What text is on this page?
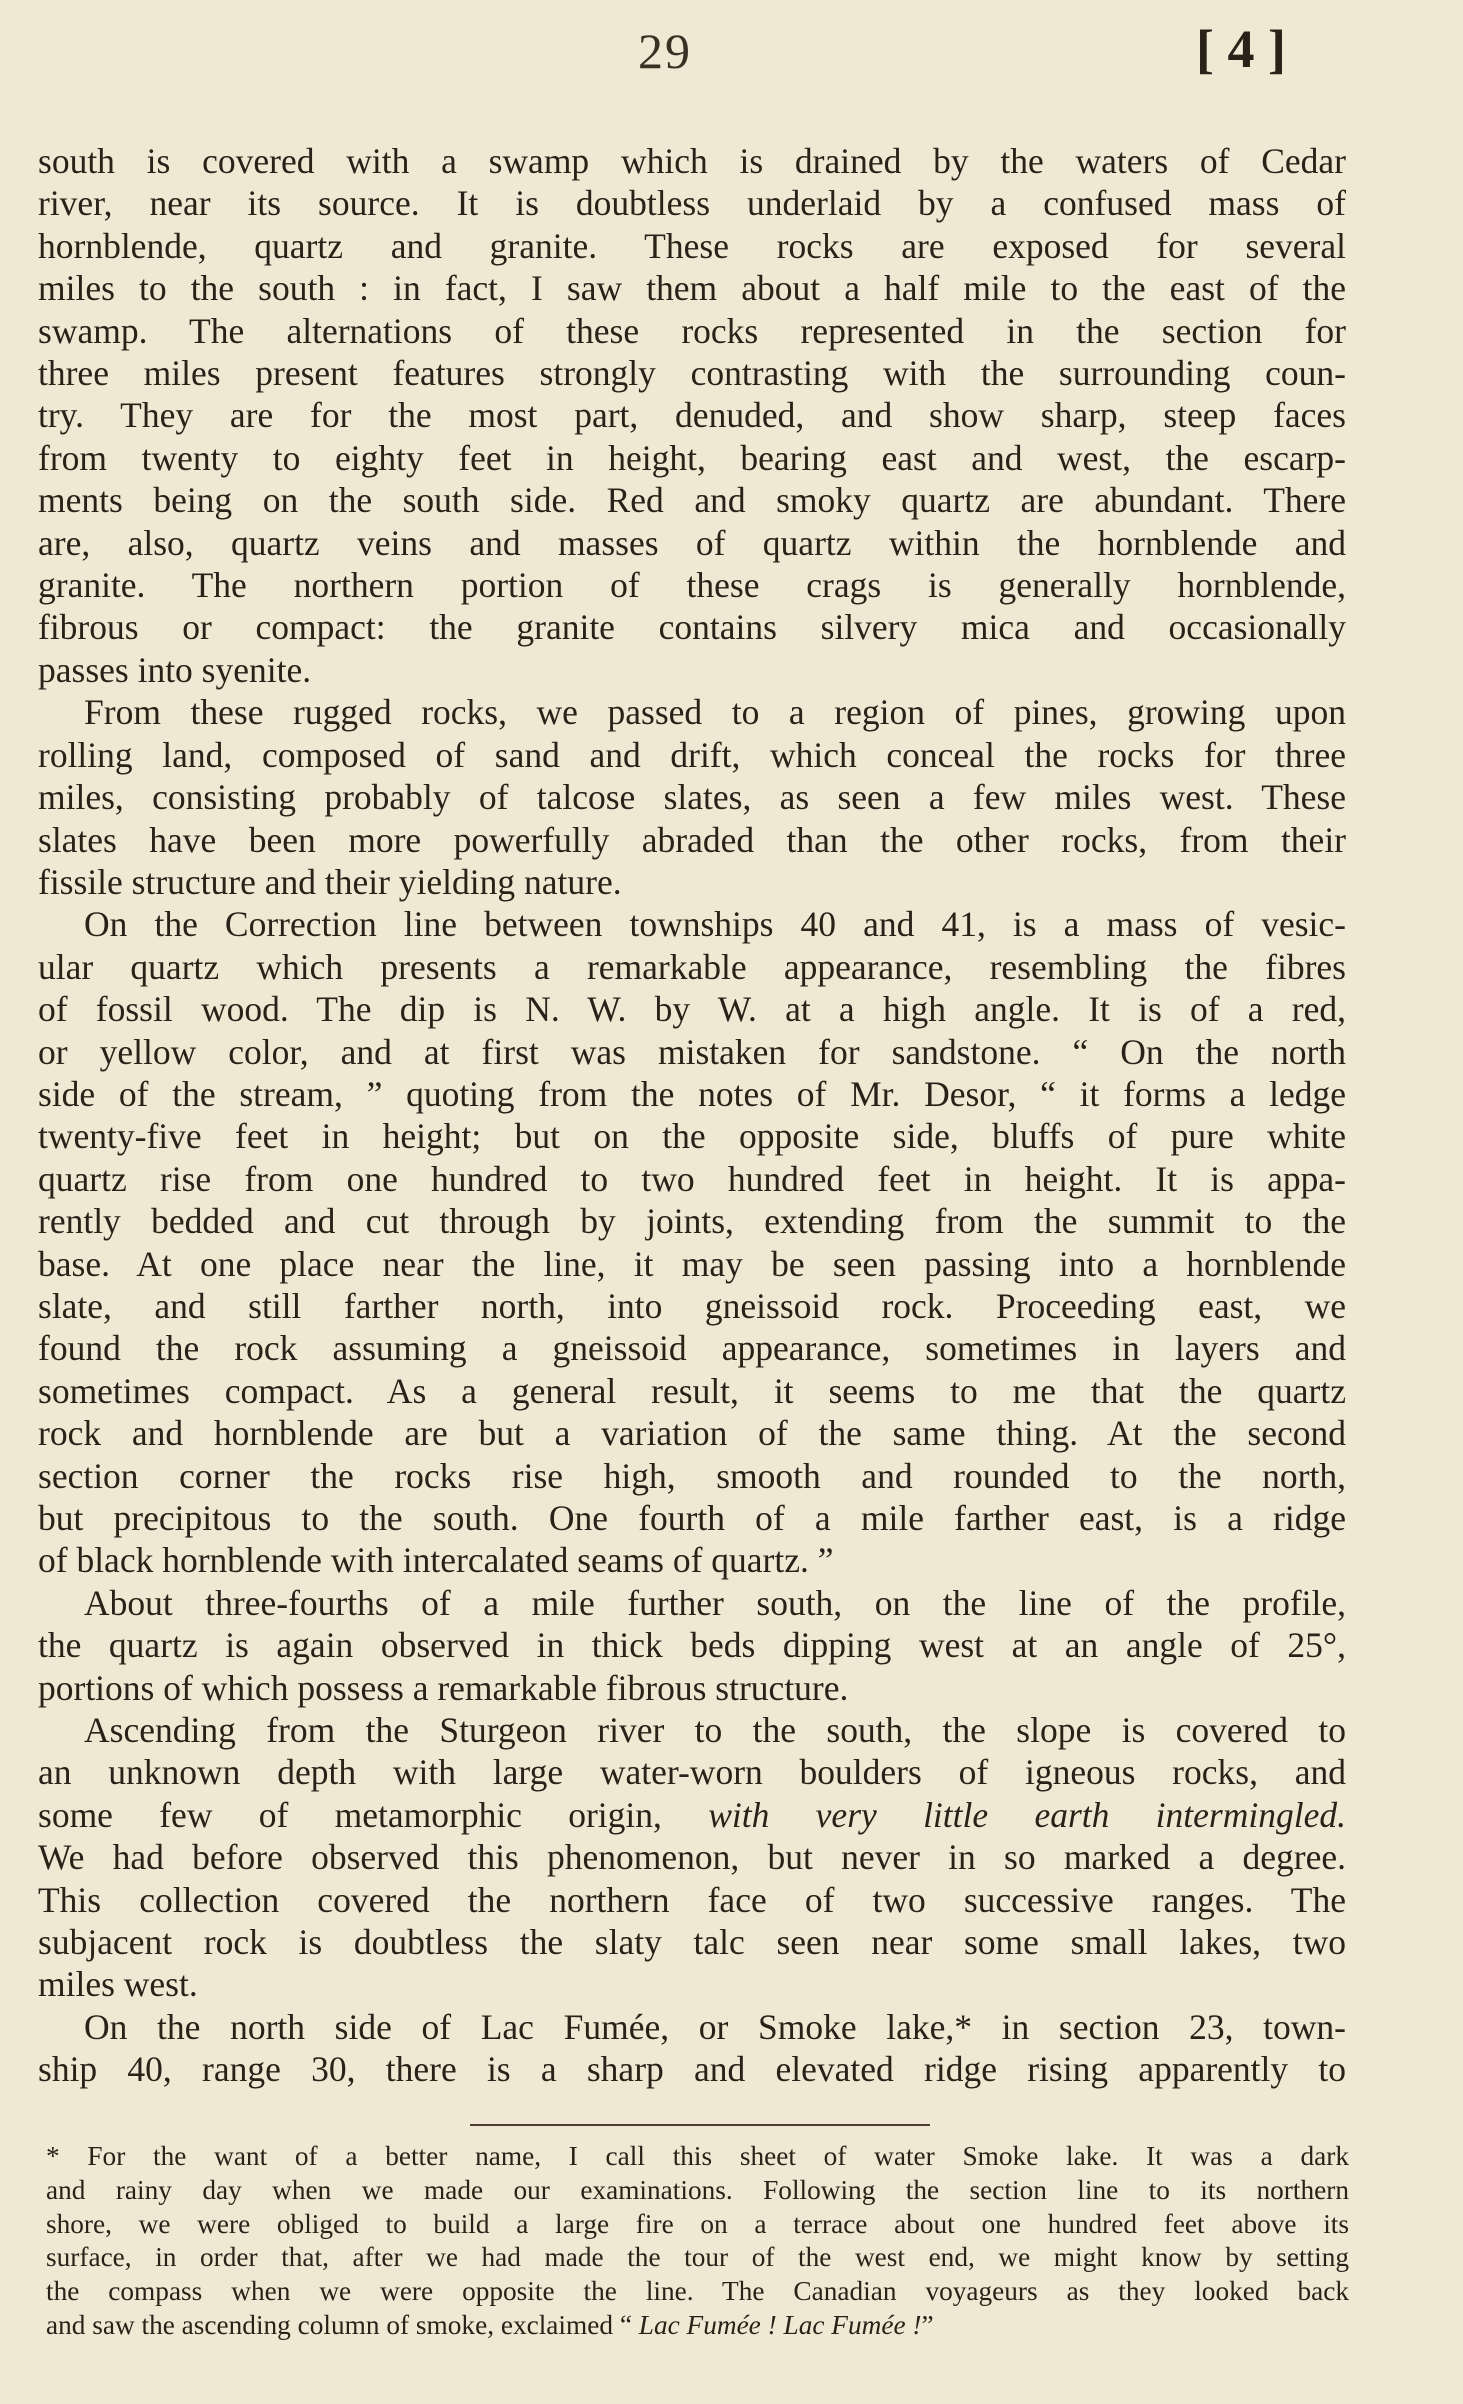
29	[ 4 ]

south is covered with a swamp which is drained by the waters of Cedar

river, near its source. It is doubtless underlaid by a confused mass of

hornblende, quartz and granite. These rocks are exposed for several

miles to the south : in fact, I saw them about a half mile to the east of the

swamp. The alternations of these rocks represented in the section for

three miles present features strongly contrasting with the surrounding coun-

try. They are for the most part, denuded, and show sharp, steep faces

from twenty to eighty feet in height, bearing east and west, the escarp-

ments being on the south side. Red and smoky quartz are abundant. There

are, also, quartz veins and masses of quartz within the hornblende and

granite. The northern portion of these crags is generally hornblende,

fibrous or compact: the granite contains silvery mica and occasionally

passes into syenite.

From these rugged rocks, we passed to a region of pines, growing upon

rolling land, composed of sand and drift, which conceal the rocks for three

miles, consisting probably of talcose slates, as seen a few miles west. These

slates have been more powerfully abraded than the other rocks, from their

fissile structure and their yielding nature.

On the Correction line between townships 40 and 41, is a mass of vesic-

ular quartz which presents a remarkable appearance, resembling the fibres

of fossil wood. The dip is N. W. by W. at a high angle. It is of a red,

or yellow color, and at first was mistaken for sandstone. “ On the north

side of the stream, ” quoting from the notes of Mr. Desor, “ it forms a ledge

twenty-five feet in height; but on the opposite side, bluffs of pure white

quartz rise from one hundred to two hundred feet in height. It is appa-

rently bedded and cut through by joints, extending from the summit to the

base. At one place near the line, it may be seen passing into a hornblende

slate, and still farther north, into gneissoid rock. Proceeding east, we

found the rock assuming a gneissoid appearance, sometimes in layers and

sometimes compact. As a general result, it seems to me that the quartz

rock and hornblende are but a variation of the same thing. At the second

section corner the rocks rise high, smooth and rounded to the north,

but precipitous to the south. One fourth of a mile farther east, is a ridge

of black hornblende with intercalated seams of quartz. ”

About three-fourths of a mile further south, on the line of the profile,

the quartz is again observed in thick beds dipping west at an angle of 25°,

portions of which possess a remarkable fibrous structure.

Ascending from the Sturgeon river to the south, the slope is covered to

an unknown depth with large water-worn boulders of igneous rocks, and

some few of metamorphic origin, with very little earth intermingled.

We had before observed this phenomenon, but never in so marked a degree.

This collection covered the northern face of two successive ranges. The

subjacent rock is doubtless the slaty talc seen near some small lakes, two

miles west.

On the north side of Lac Fumée, or Smoke lake,* in section 23, town-

ship 40, range 30, there is a sharp and elevated ridge rising apparently to

* For the want of a better name, I call this sheet of water Smoke lake. It was a dark

and rainy day when we made our examinations. Following the section line to its northern

shore, we were obliged to build a large fire on a terrace about one hundred feet above its

surface, in order that, after we had made the tour of the west end, we might know by setting

the compass when we were opposite the line. The Canadian voyageurs as they looked back

and saw the ascending column of smoke, exclaimed “ Lac Fumée ! Lac Fumée !”
